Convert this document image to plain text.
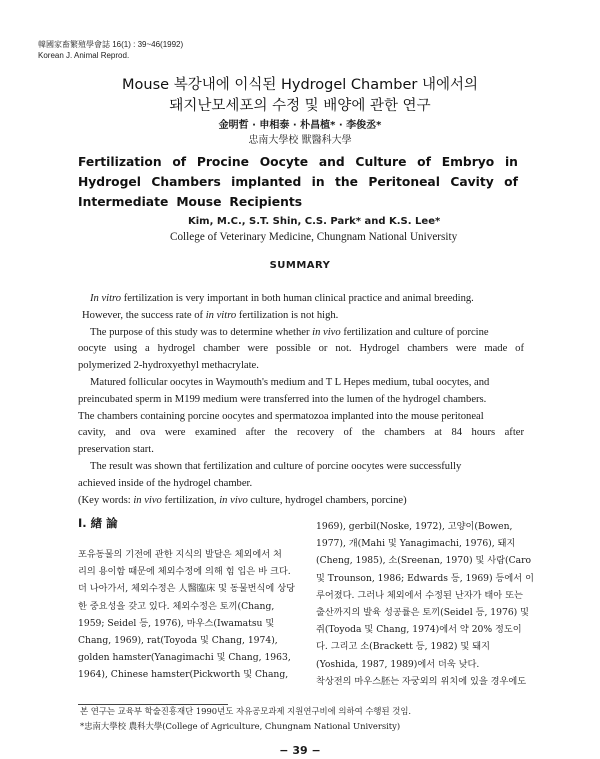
韓國家畜繁殖學會誌 16(1) : 39~46(1992)
Korean J. Animal Reprod.
Mouse 복강내에 이식된 Hydrogel Chamber 내에서의
돼지난모세포의 수정 및 배양에 관한 연구
金明哲 · 申相泰 · 朴昌植* · 李俊丞*
忠南大學校 獸醫科大學
Fertilization of Procine Oocyte and Culture of Embryo in
Hydrogel Chambers implanted in the Peritoneal Cavity of
Intermediate Mouse Recipients
Kim, M.C., S.T. Shin, C.S. Park* and K.S. Lee*
College of Veterinary Medicine, Chungnam National University
SUMMARY

In vitro fertilization is very important in both human clinical practice and animal breeding.

However, the success rate of in vitro fertilization is not high.

The purpose of this study was to determine whether in vivo fertilization and culture of porcine

oocyte using a hydrogel chamber were possible or not. Hydrogel chambers were made of

polymerized 2-hydroxyethyl methacrylate.

Matured follicular oocytes in Waymouth's medium and T L Hepes medium, tubal oocytes, and

preincubated sperm in M199 medium were transferred into the lumen of the hydrogel chambers.

The chambers containing porcine oocytes and spermatozoa implanted into the mouse peritoneal

cavity, and ova were examined after the recovery of the chambers at 84 hours after

preservation start.

The result was shown that fertilization and culture of porcine oocytes were successfully

achieved inside of the hydrogel chamber.

(Key words: in vivo fertilization, in vivo culture, hydrogel chambers, porcine)

I. 緖 論
포유동물의 기전에 관한 지식의 발달은 체외에서 처
리의 용이함 때문에 체외수정에 의해 힘 입은 바 크다.
더 나아가서, 체외수정은 人醫臨床 및 동물번식에 상당
한 중요성을 갖고 있다. 체외수정은 토끼(Chang,
1959; Seidel 등, 1976), 마우스(Iwamatsu 및
Chang, 1969), rat(Toyoda 및 Chang, 1974),
golden hamster(Yanagimachi 및 Chang, 1963,
1964), Chinese hamster(Pickworth 및 Chang,
1969), gerbil(Noske, 1972), 고양이(Bowen,
1977), 개(Mahi 및 Yanagimachi, 1976), 돼지
(Cheng, 1985), 소(Sreenan, 1970) 및 사람(Caro
및 Trounson, 1986; Edwards 등, 1969) 등에서 이
루어졌다. 그러나 체외에서 수정된 난자가 태아 또는
출산까지의 발육 성공률은 토끼(Seidel 등, 1976) 및
쥐(Toyoda 및 Chang, 1974)에서 약 20% 정도이
다. 그리고 소(Brackett 등, 1982) 및 돼지
(Yoshida, 1987, 1989)에서 더욱 낮다.
착상전의 마우스胚는 자궁외의 위치에 있을 경우에도
본 연구는 교육부 학술진흥재단 1990년도 자유공모과제 지원연구비에 의하여 수행된 것임.
*忠南大學校 農科大學(College of Agriculture, Chungnam National University)
− 39 −
